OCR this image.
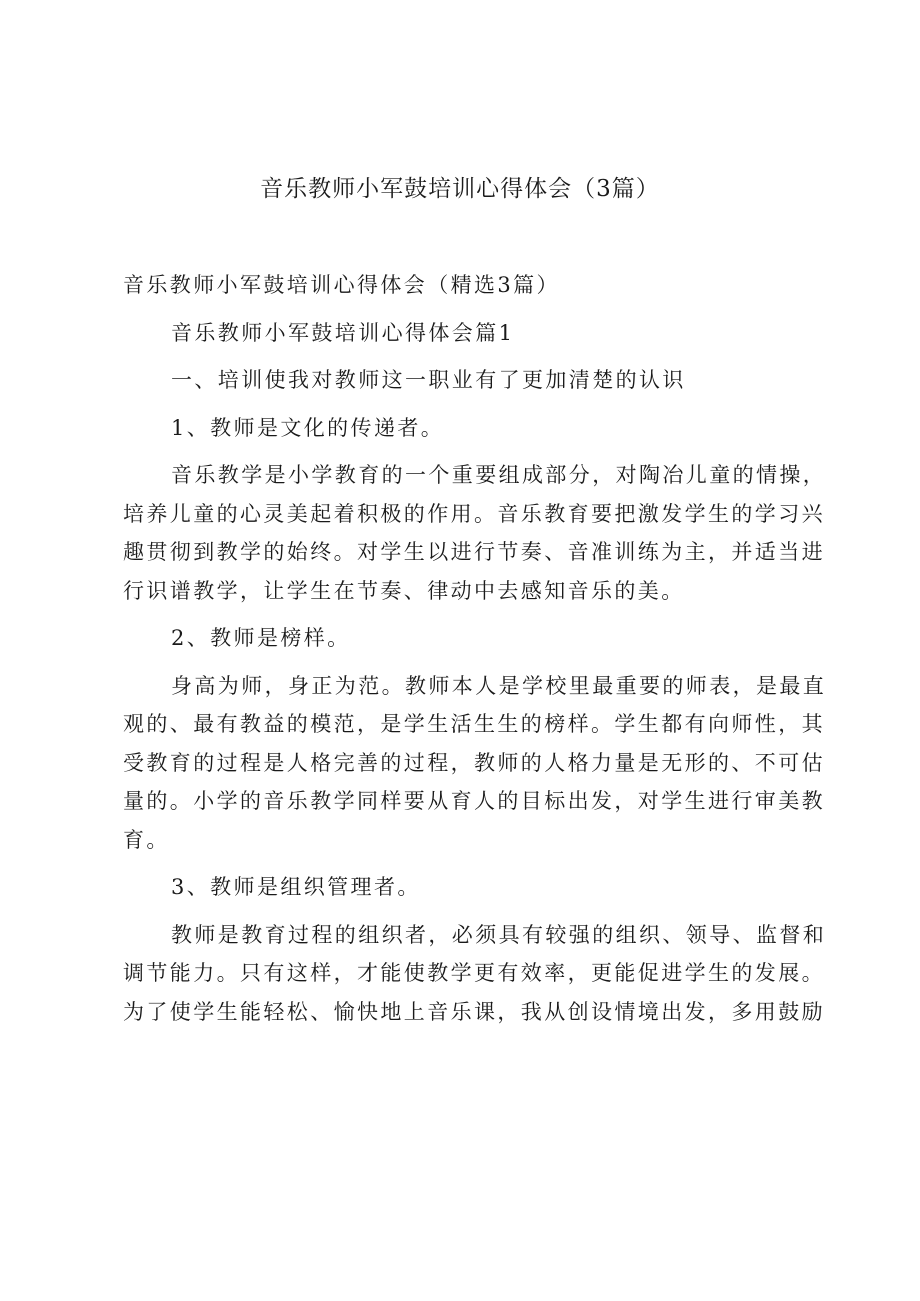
音乐教师小军鼓培训心得体会（3篇）

音乐教师小军鼓培训心得体会（精选3篇）

音乐教师小军鼓培训心得体会篇1

一、培训使我对教师这一职业有了更加清楚的认识

1、教师是文化的传递者。

音乐教学是小学教育的一个重要组成部分，对陶冶儿童的情操，
培养儿童的心灵美起着积极的作用。音乐教育要把激发学生的学习兴
趣贯彻到教学的始终。对学生以进行节奏、音准训练为主，并适当进
行识谱教学，让学生在节奏、律动中去感知音乐的美。

2、教师是榜样。

身高为师，身正为范。教师本人是学校里最重要的师表，是最直
观的、最有教益的模范，是学生活生生的榜样。学生都有向师性，其
受教育的过程是人格完善的过程，教师的人格力量是无形的、不可估
量的。小学的音乐教学同样要从育人的目标出发，对学生进行审美教
育。

3、教师是组织管理者。

教师是教育过程的组织者，必须具有较强的组织、领导、监督和
调节能力。只有这样，才能使教学更有效率，更能促进学生的发展。
为了使学生能轻松、愉快地上音乐课，我从创设情境出发，多用鼓励
